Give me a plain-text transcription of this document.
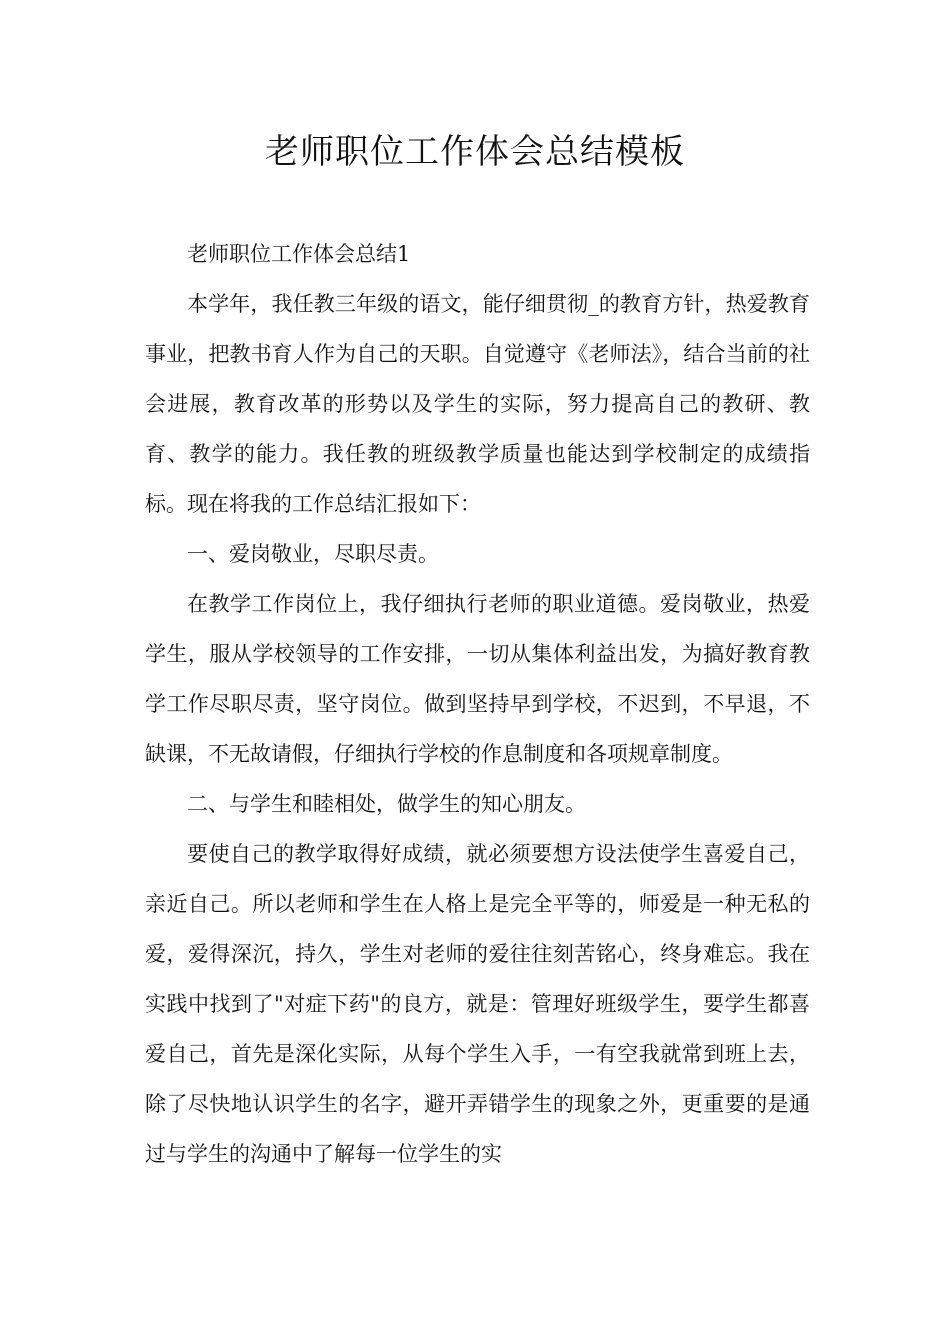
老师职位工作体会总结模板

老师职位工作体会总结1

本学年，我任教三年级的语文，能仔细贯彻_的教育方针，热爱教育事业，把教书育人作为自己的天职。自觉遵守《老师法》，结合当前的社会进展，教育改革的形势以及学生的实际，努力提高自己的教研、教育、教学的能力。我任教的班级教学质量也能达到学校制定的成绩指标。现在将我的工作总结汇报如下：

一、爱岗敬业，尽职尽责。

在教学工作岗位上，我仔细执行老师的职业道德。爱岗敬业，热爱学生，服从学校领导的工作安排，一切从集体利益出发，为搞好教育教学工作尽职尽责，坚守岗位。做到坚持早到学校，不迟到，不早退，不缺课，不无故请假，仔细执行学校的作息制度和各项规章制度。

二、与学生和睦相处，做学生的知心朋友。

要使自己的教学取得好成绩，就必须要想方设法使学生喜爱自己，亲近自己。所以老师和学生在人格上是完全平等的，师爱是一种无私的爱，爱得深沉，持久，学生对老师的爱往往刻苦铭心，终身难忘。我在实践中找到了"对症下药"的良方，就是：管理好班级学生，要学生都喜爱自己，首先是深化实际，从每个学生入手，一有空我就常到班上去，除了尽快地认识学生的名字，避开弄错学生的现象之外，更重要的是通过与学生的沟通中了解每一位学生的实
